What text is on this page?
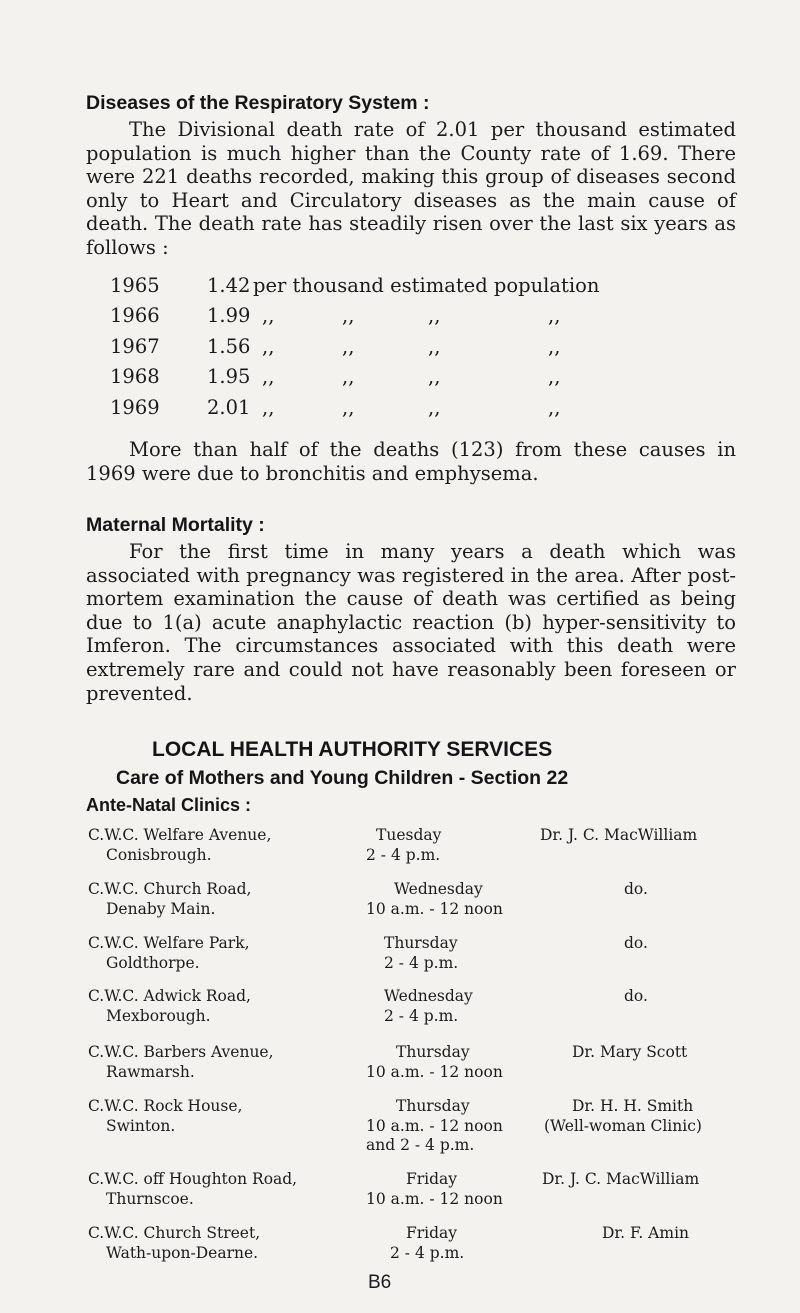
Diseases of the Respiratory System :

The Divisional death rate of 2.01 per thousand estimated population is much higher than the County rate of 1.69. There were 221 deaths recorded, making this group of diseases second only to Heart and Circulatory diseases as the main cause of death. The death rate has steadily risen over the last six years as follows :

1965 1.42 per thousand estimated population
1966 1.99 ,,	,,	,,	,,
1967 1.56 ,,	,,	,,	,,
1968 1.95 ,,	,,	,,	,,
1969 2.01 ,,	,,	,,	,,

More than half of the deaths (123) from these causes in 1969 were due to bronchitis and emphysema.

Maternal Mortality :

For the first time in many years a death which was associated with pregnancy was registered in the area. After post-mortem examination the cause of death was certified as being due to 1(a) acute anaphylactic reaction (b) hyper-sensitivity to Imferon. The circumstances associated with this death were extremely rare and could not have reasonably been foreseen or prevented.

LOCAL HEALTH AUTHORITY SERVICES
Care of Mothers and Young Children - Section 22
Ante-Natal Clinics :
C.W.C. Welfare Avenue,
Conisbrough.
Tuesday
2 - 4 p.m.
Dr. J. C. MacWilliam
C.W.C. Church Road,
Denaby Main.
Wednesday
10 a.m. - 12 noon
do.
C.W.C. Welfare Park,
Goldthorpe.
Thursday
2 - 4 p.m.
do.
C.W.C. Adwick Road,
Mexborough.
Wednesday
2 - 4 p.m.
do.
C.W.C. Barbers Avenue,
Rawmarsh.
Thursday
10 a.m. - 12 noon
Dr. Mary Scott
C.W.C. Rock House,
Swinton.
Thursday
10 a.m. - 12 noon
and 2 - 4 p.m.
Dr. H. H. Smith
(Well-woman Clinic)
C.W.C. off Houghton Road,
Thurnscoe.
Friday
10 a.m. - 12 noon
Dr. J. C. MacWilliam
C.W.C. Church Street,
Wath-upon-Dearne.
Friday
2 - 4 p.m.
Dr. F. Amin
B6
